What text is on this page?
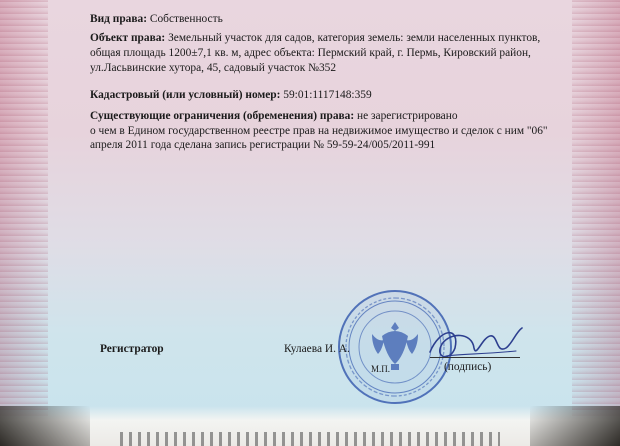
Вид права: Собственность
Объект права: Земельный участок для садов, категория земель: земли населенных пунктов,
общая площадь 1200±7,1 кв. м, адрес объекта: Пермский край, г. Пермь, Кировский район,
ул.Ласьвинские хутора, 45, садовый участок №352
Кадастровый (или условный) номер: 59:01:1117148:359
Существующие ограничения (обременения) права: не зарегистрировано
о чем в Едином государственном реестре прав на недвижимое имущество и сделок с ним "06"
апреля 2011 года сделана запись регистрации № 59-59-24/005/2011-991
Регистратор	Кулаева И. А.
М.П.	(подпись)
